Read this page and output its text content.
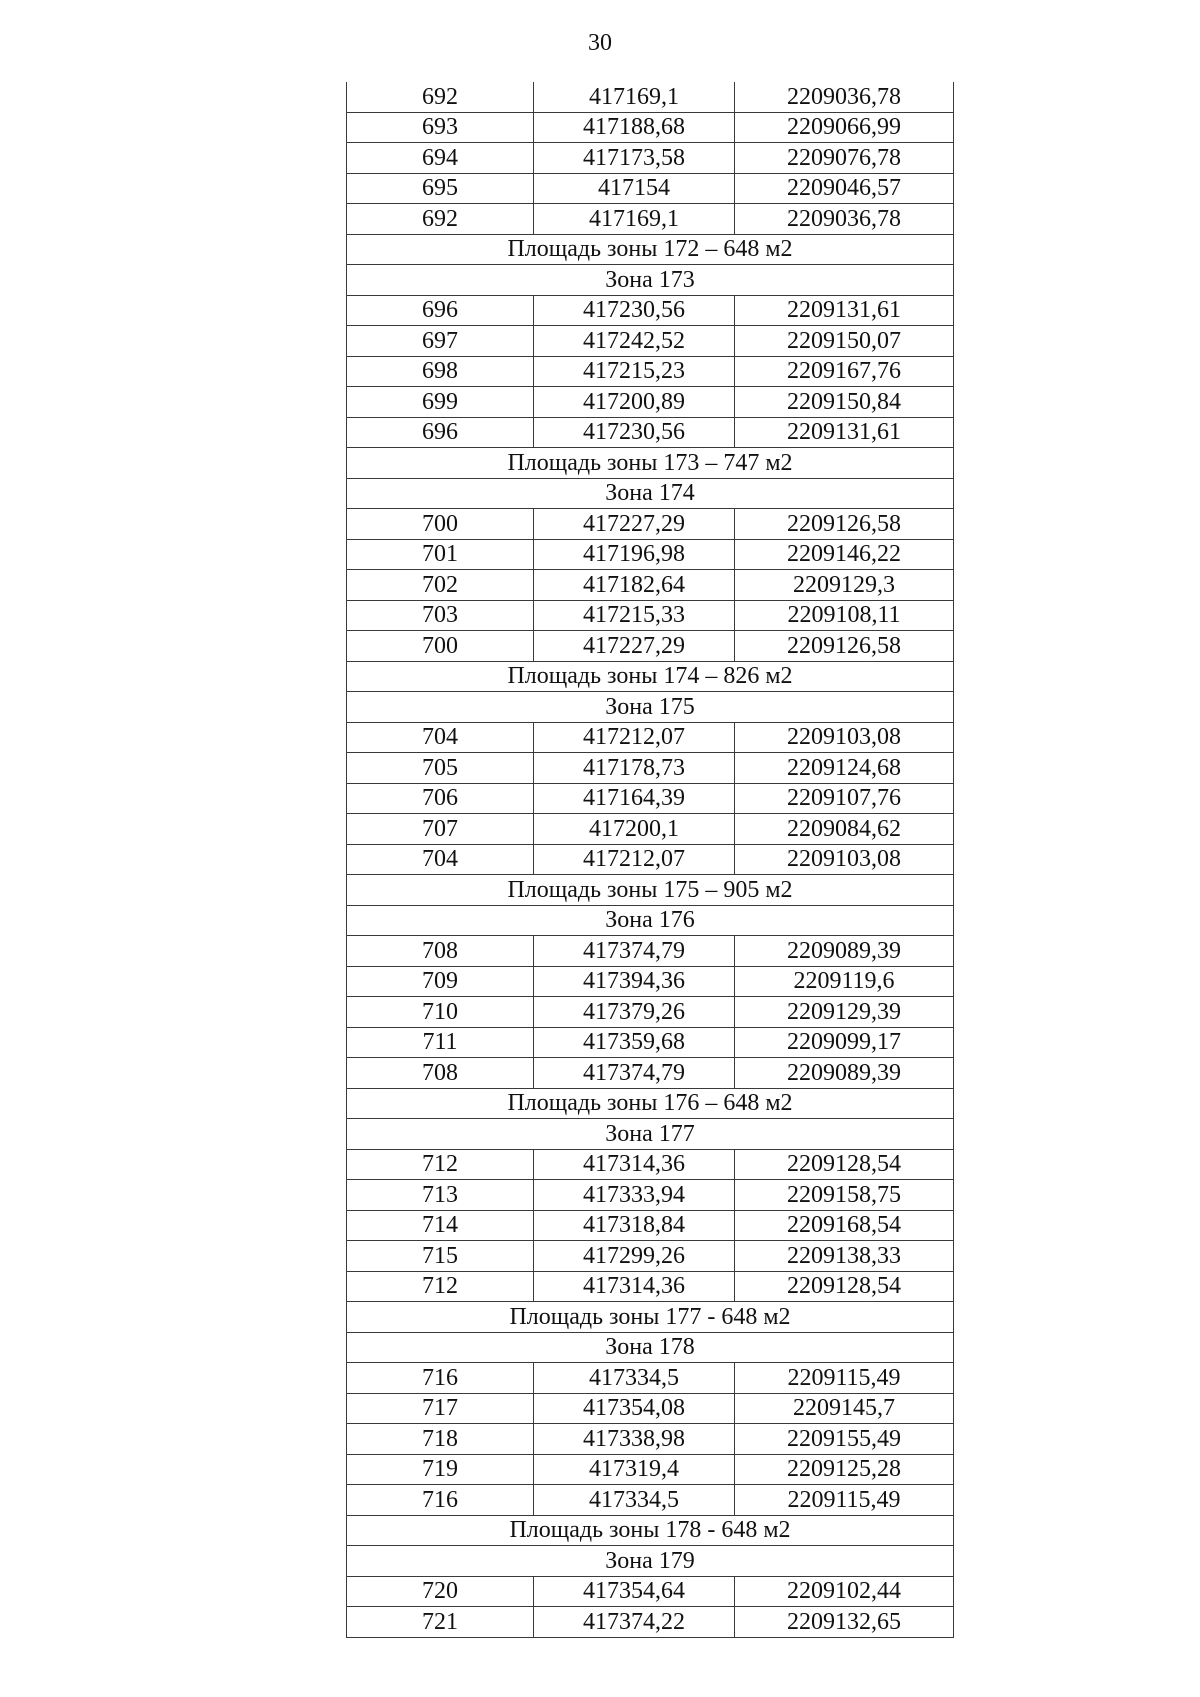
30
692	417169,1	2209036,78
693	417188,68	2209066,99
694	417173,58	2209076,78
695	417154	2209046,57
692	417169,1	2209036,78
Площадь зоны 172 – 648 м2		
Зона 173		
696	417230,56	2209131,61
697	417242,52	2209150,07
698	417215,23	2209167,76
699	417200,89	2209150,84
696	417230,56	2209131,61
Площадь зоны 173 – 747 м2		
Зона 174		
700	417227,29	2209126,58
701	417196,98	2209146,22
702	417182,64	2209129,3
703	417215,33	2209108,11
700	417227,29	2209126,58
Площадь зоны 174 – 826 м2		
Зона 175		
704	417212,07	2209103,08
705	417178,73	2209124,68
706	417164,39	2209107,76
707	417200,1	2209084,62
704	417212,07	2209103,08
Площадь зоны 175 – 905 м2		
Зона 176		
708	417374,79	2209089,39
709	417394,36	2209119,6
710	417379,26	2209129,39
711	417359,68	2209099,17
708	417374,79	2209089,39
Площадь зоны 176 – 648 м2		
Зона 177		
712	417314,36	2209128,54
713	417333,94	2209158,75
714	417318,84	2209168,54
715	417299,26	2209138,33
712	417314,36	2209128,54
Площадь зоны 177 - 648 м2		
Зона 178		
716	417334,5	2209115,49
717	417354,08	2209145,7
718	417338,98	2209155,49
719	417319,4	2209125,28
716	417334,5	2209115,49
Площадь зоны 178 - 648 м2		
Зона 179		
720	417354,64	2209102,44
721	417374,22	2209132,65
